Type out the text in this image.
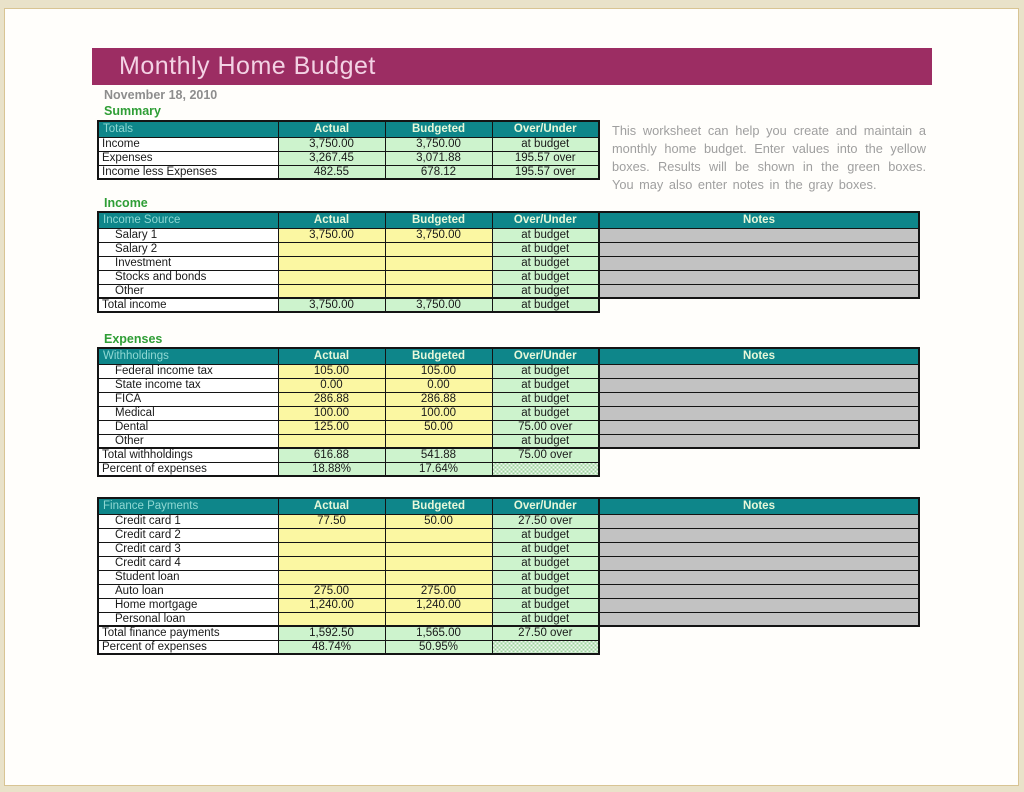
Monthly Home Budget
November 18, 2010
Summary
Totals	Actual	Budgeted	Over/Under
Income	3,750.00	3,750.00	at budget
Expenses	3,267.45	3,071.88	195.57 over
Income less Expenses	482.55	678.12	195.57 over
This worksheet can help you create and maintain a monthly home budget. Enter values into the yellow boxes. Results will be shown in the green boxes. You may also enter notes in the gray boxes.
Income
Income Source	Actual	Budgeted	Over/Under
Salary 1	3,750.00	3,750.00	at budget
Salary 2			at budget
Investment			at budget
Stocks and bonds			at budget
Other			at budget
Total income	3,750.00	3,750.00	at budget
Notes

Expenses
Withholdings	Actual	Budgeted	Over/Under
Federal income tax	105.00	105.00	at budget
State income tax	0.00	0.00	at budget
FICA	286.88	286.88	at budget
Medical	100.00	100.00	at budget
Dental	125.00	50.00	75.00 over
Other			at budget
Total withholdings	616.88	541.88	75.00 over
Percent of expenses	18.88%	17.64%	
Notes

Finance Payments	Actual	Budgeted	Over/Under
Credit card 1	77.50	50.00	27.50 over
Credit card 2			at budget
Credit card 3			at budget
Credit card 4			at budget
Student loan			at budget
Auto loan	275.00	275.00	at budget
Home mortgage	1,240.00	1,240.00	at budget
Personal loan			at budget
Total finance payments	1,592.50	1,565.00	27.50 over
Percent of expenses	48.74%	50.95%	
Notes
